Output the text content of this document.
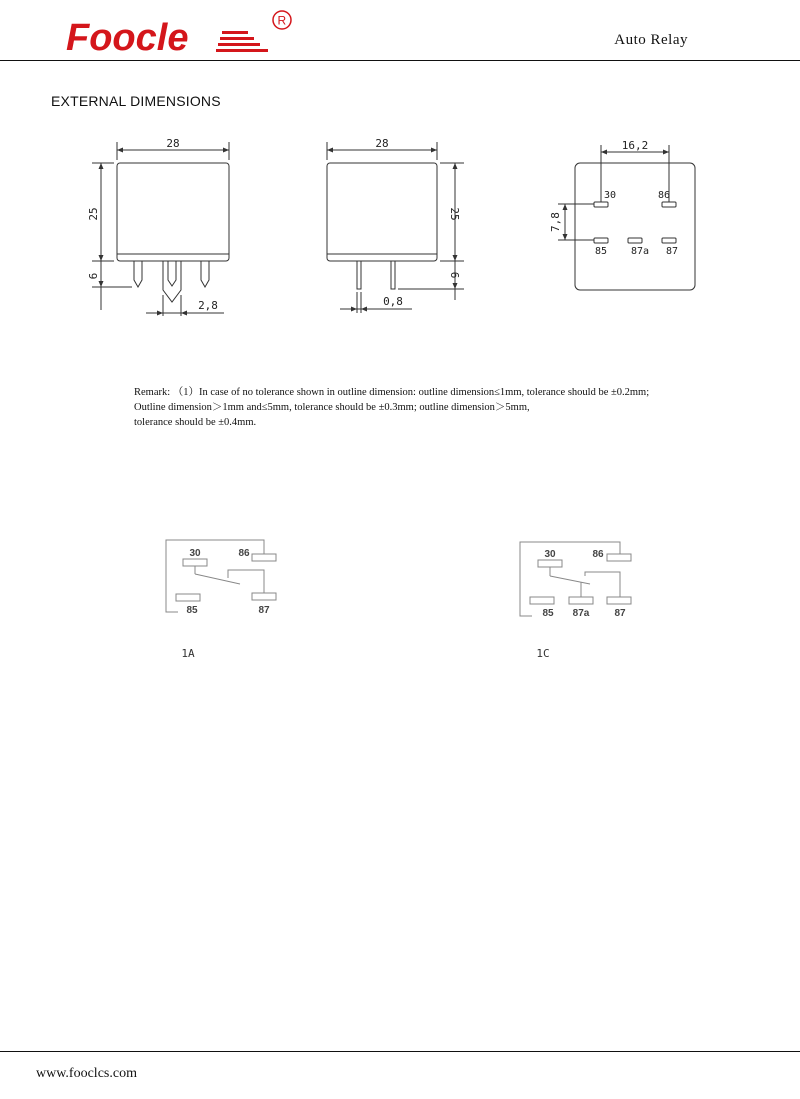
Foocle	R
Auto Relay
EXTERNAL DIMENSIONS
28
25
6
2,8
28
25
6
0,8
16,2
7,8
30	86
85 87a 87

Remark: （1）In case of no tolerance shown in outline dimension: outline dimension≤1mm, tolerance should be ±0.2mm;

Outline dimension＞1mm and≤5mm, tolerance should be ±0.3mm; outline dimension＞5mm,

tolerance should be ±0.4mm.

30	86
85	87
1A
30	86
85 87a	87
1C
www.fooclcs.com
